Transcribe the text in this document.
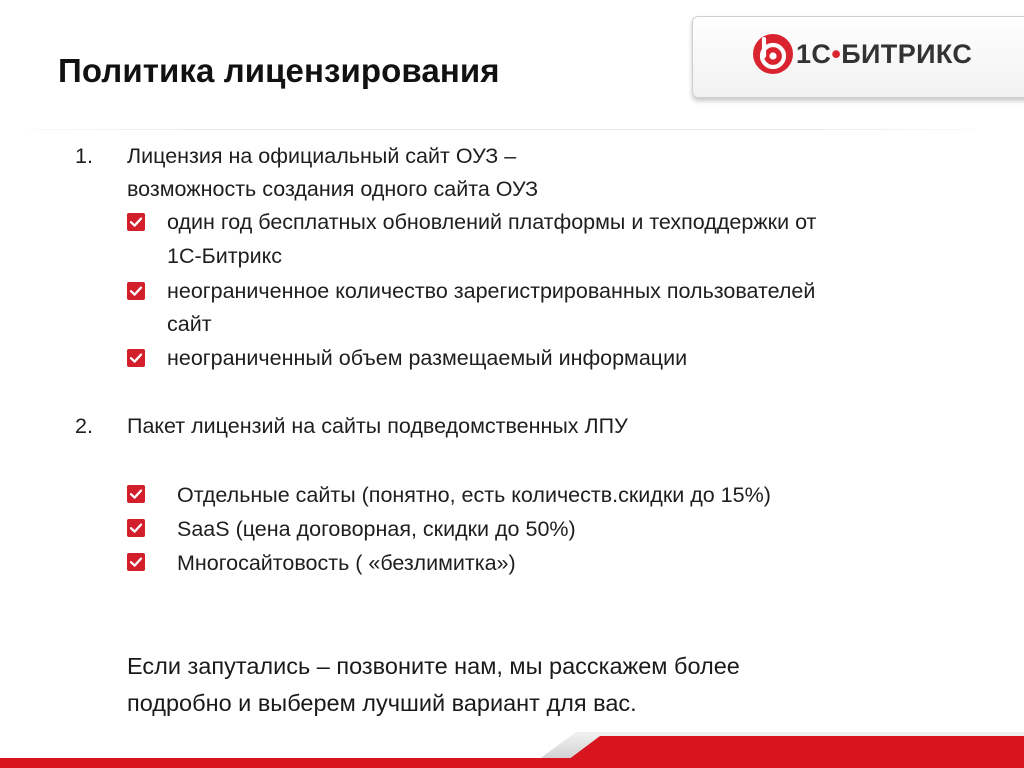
Политика лицензирования	1С•БИТРИКС
1. Лицензия на официальный сайт ОУЗ –
возможность создания одного сайта ОУЗ
один год бесплатных обновлений платформы и техподдержки от
1С-Битрикс
неограниченное количество зарегистрированных пользователей
сайт
неограниченный объем размещаемый информации
2. Пакет лицензий на сайты подведомственных ЛПУ
Отдельные сайты (понятно, есть количеств.скидки до 15%)
SaaS (цена договорная, скидки до 50%)
Многосайтовость ( «безлимитка»)
Если запутались – позвоните нам, мы расскажем более
подробно и выберем лучший вариант для вас.
